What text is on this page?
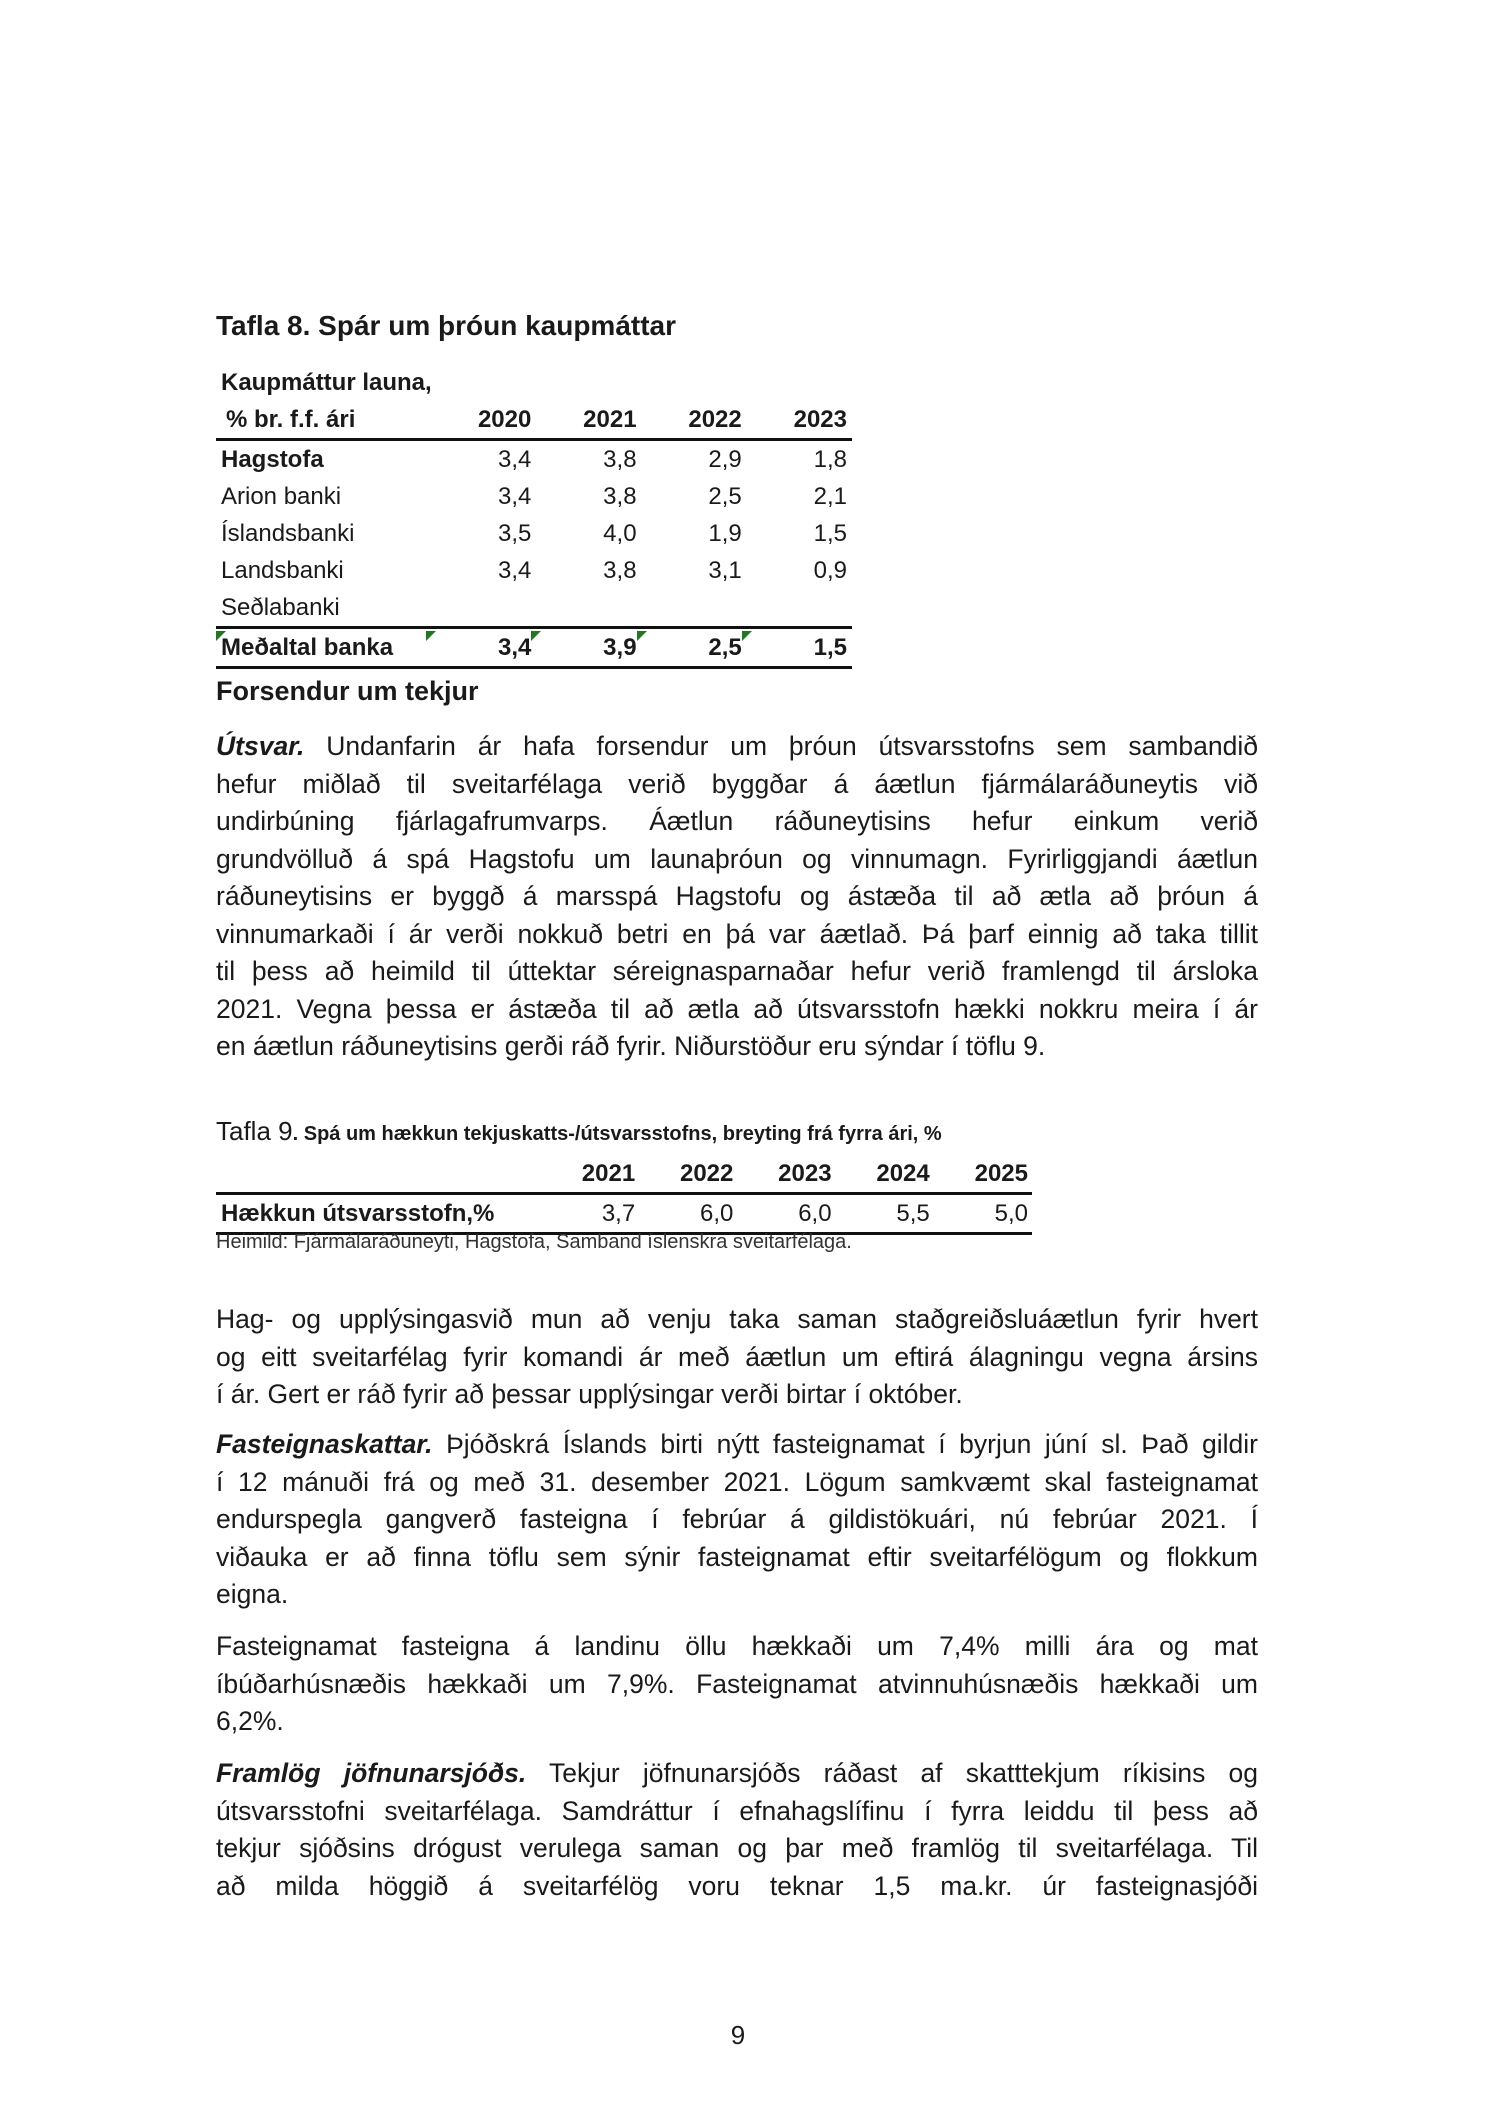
Tafla 8. Spár um þróun kaupmáttar
Kaupmáttur launa,				
% br. f.f. ári	2020	2021	2022	2023
Hagstofa	3,4	3,8	2,9	1,8
Arion banki	3,4	3,8	2,5	2,1
Íslandsbanki	3,5	4,0	1,9	1,5
Landsbanki	3,4	3,8	3,1	0,9
Seðlabanki				
Meðaltal banka	3,4	3,9	2,5	1,5
Forsendur um tekjur
Útsvar. Undanfarin ár hafa forsendur um þróun útsvarsstofns sem sambandið
hefur miðlað til sveitarfélaga verið byggðar á áætlun fjármálaráðuneytis við
undirbúning fjárlagafrumvarps. Áætlun ráðuneytisins hefur einkum verið
grundvölluð á spá Hagstofu um launaþróun og vinnumagn. Fyrirliggjandi áætlun
ráðuneytisins er byggð á marsspá Hagstofu og ástæða til að ætla að þróun á
vinnumarkaði í ár verði nokkuð betri en þá var áætlað. Þá þarf einnig að taka tillit
til þess að heimild til úttektar séreignasparnaðar hefur verið framlengd til ársloka
2021. Vegna þessa er ástæða til að ætla að útsvarsstofn hækki nokkru meira í ár
en áætlun ráðuneytisins gerði ráð fyrir. Niðurstöður eru sýndar í töflu 9.
Tafla 9. Spá um hækkun tekjuskatts-/útsvarsstofns, breyting frá fyrra ári, %
	2021	2022	2023	2024	2025
Hækkun útsvarsstofn,%	3,7	6,0	6,0	5,5	5,0
Heimild: Fjármálaráðuneyti, Hagstofa, Samband íslenskra sveitarfélaga.
Hag- og upplýsingasvið mun að venju taka saman staðgreiðsluáætlun fyrir hvert
og eitt sveitarfélag fyrir komandi ár með áætlun um eftirá álagningu vegna ársins
í ár. Gert er ráð fyrir að þessar upplýsingar verði birtar í október.
Fasteignaskattar. Þjóðskrá Íslands birti nýtt fasteignamat í byrjun júní sl. Það gildir
í 12 mánuði frá og með 31. desember 2021. Lögum samkvæmt skal fasteignamat
endurspegla gangverð fasteigna í febrúar á gildistökuári, nú febrúar 2021. Í
viðauka er að finna töflu sem sýnir fasteignamat eftir sveitarfélögum og flokkum
eigna.
Fasteignamat fasteigna á landinu öllu hækkaði um 7,4% milli ára og mat
íbúðarhúsnæðis hækkaði um 7,9%. Fasteignamat atvinnuhúsnæðis hækkaði um
6,2%.
Framlög jöfnunarsjóðs. Tekjur jöfnunarsjóðs ráðast af skatttekjum ríkisins og
útsvarsstofni sveitarfélaga. Samdráttur í efnahagslífinu í fyrra leiddu til þess að
tekjur sjóðsins drógust verulega saman og þar með framlög til sveitarfélaga. Til
að milda höggið á sveitarfélög voru teknar 1,5 ma.kr. úr fasteignasjóði
9
